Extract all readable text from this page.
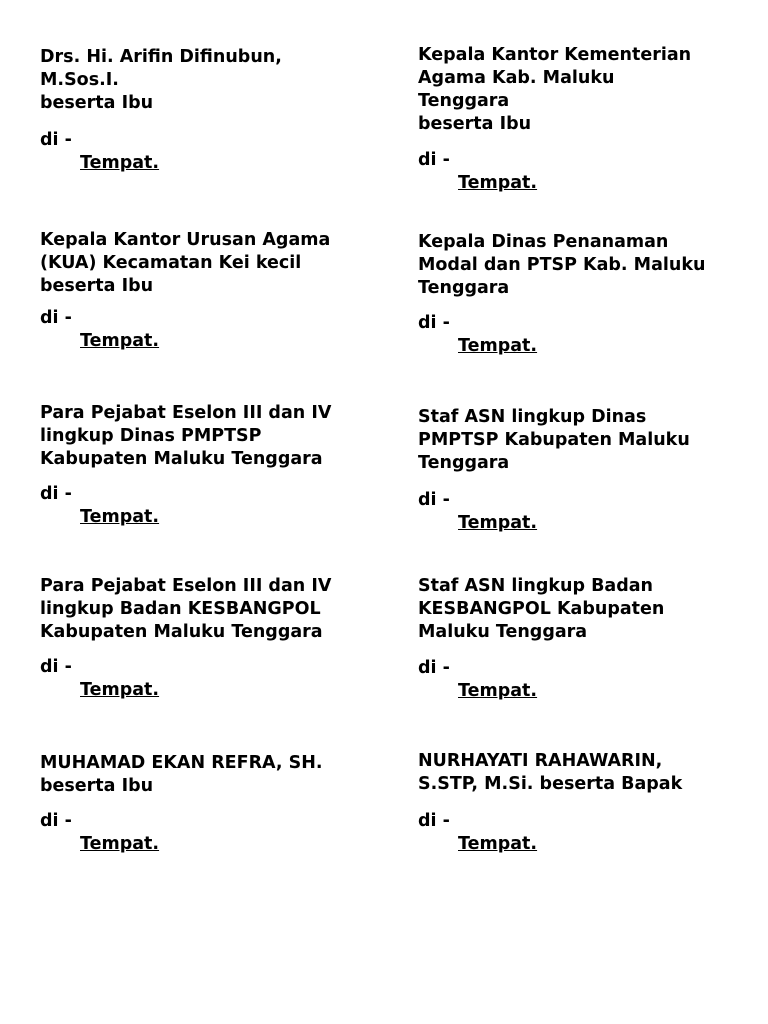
Drs. Hi. Arifin Difinubun,
M.Sos.I.
beserta Ibu
di -
Tempat.
Kepala Kantor Kementerian
Agama Kab. Maluku
Tenggara
beserta Ibu
di -
Tempat.
Kepala Kantor Urusan Agama
(KUA) Kecamatan Kei kecil
beserta Ibu
di -
Tempat.
Kepala Dinas Penanaman
Modal dan PTSP Kab. Maluku
Tenggara
di -
Tempat.
Para Pejabat Eselon III dan IV
lingkup Dinas PMPTSP
Kabupaten Maluku Tenggara
di -
Tempat.
Staf ASN lingkup Dinas
PMPTSP Kabupaten Maluku
Tenggara
di -
Tempat.
Para Pejabat Eselon III dan IV
lingkup Badan KESBANGPOL
Kabupaten Maluku Tenggara
di -
Tempat.
Staf ASN lingkup Badan
KESBANGPOL Kabupaten
Maluku Tenggara
di -
Tempat.
MUHAMAD EKAN REFRA, SH.
beserta Ibu
di -
Tempat.
NURHAYATI RAHAWARIN,
S.STP, M.Si. beserta Bapak
di -
Tempat.
